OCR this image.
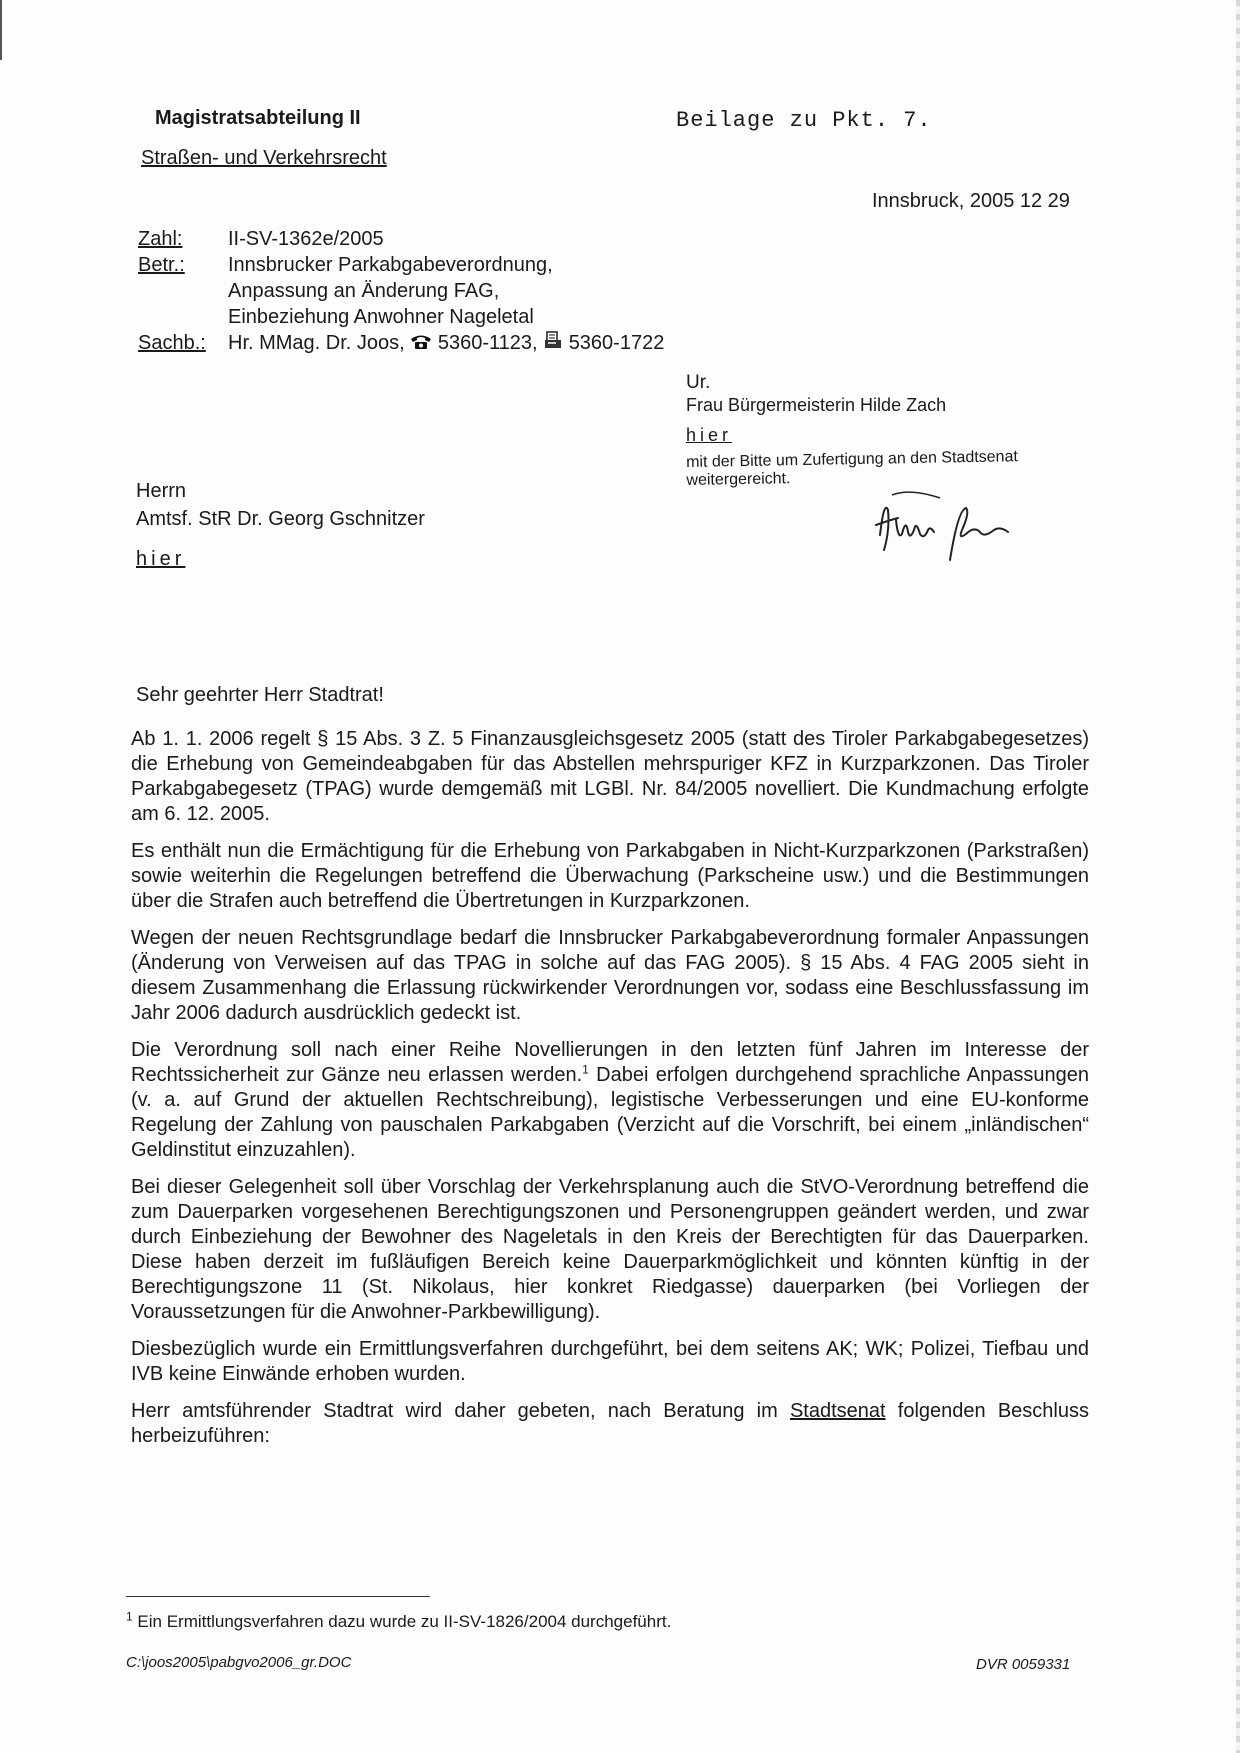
Magistratsabteilung II	Beilage zu Pkt. 7.
Straßen- und Verkehrsrecht
Innsbruck, 2005 12 29
Zahl:	II-SV-1362e/2005
Betr.:	Innsbrucker Parkabgabeverordnung,
Anpassung an Änderung FAG,
Einbeziehung Anwohner Nageletal
Sachb.:	Hr. MMag. Dr. Joos, 5360-1123, 5360-1722
Ur.
Frau Bürgermeisterin Hilde Zach
hier
mit der Bitte um Zufertigung an den Stadtsenat
weitergereicht.
Herrn
Amtsf. StR Dr. Georg Gschnitzer
hier
Sehr geehrter Herr Stadtrat!

Ab 1. 1. 2006 regelt § 15 Abs. 3 Z. 5 Finanzausgleichsgesetz 2005 (statt des Tiroler Parkabgabegesetzes) die Erhebung von Gemeindeabgaben für das Abstellen mehrspuriger KFZ in Kurzparkzonen. Das Tiroler Parkabgabegesetz (TPAG) wurde demgemäß mit LGBl. Nr. 84/2005 novelliert. Die Kundmachung erfolgte am 6. 12. 2005.

Es enthält nun die Ermächtigung für die Erhebung von Parkabgaben in Nicht-Kurzparkzonen (Parkstraßen) sowie weiterhin die Regelungen betreffend die Überwachung (Parkscheine usw.) und die Bestimmungen über die Strafen auch betreffend die Übertretungen in Kurzparkzonen.

Wegen der neuen Rechtsgrundlage bedarf die Innsbrucker Parkabgabeverordnung formaler Anpassungen (Änderung von Verweisen auf das TPAG in solche auf das FAG 2005). § 15 Abs. 4 FAG 2005 sieht in diesem Zusammenhang die Erlassung rückwirkender Verordnungen vor, sodass eine Beschlussfassung im Jahr 2006 dadurch ausdrücklich gedeckt ist.

Die Verordnung soll nach einer Reihe Novellierungen in den letzten fünf Jahren im Interesse der Rechtssicherheit zur Gänze neu erlassen werden.$^1$ Dabei erfolgen durchgehend sprachliche Anpassungen (v. a. auf Grund der aktuellen Rechtschreibung), legistische Verbesserungen und eine EU-konforme Regelung der Zahlung von pauschalen Parkabgaben (Verzicht auf die Vorschrift, bei einem „inländischen“ Geldinstitut einzuzahlen).

Bei dieser Gelegenheit soll über Vorschlag der Verkehrsplanung auch die StVO-Verordnung betreffend die zum Dauerparken vorgesehenen Berechtigungszonen und Personengruppen geändert werden, und zwar durch Einbeziehung der Bewohner des Nageletals in den Kreis der Berechtigten für das Dauerparken. Diese haben derzeit im fußläufigen Bereich keine Dauerparkmöglichkeit und könnten künftig in der Berechtigungszone 11 (St. Nikolaus, hier konkret Riedgasse) dauerparken (bei Vorliegen der Voraussetzungen für die Anwohner-Parkbewilligung).

Diesbezüglich wurde ein Ermittlungsverfahren durchgeführt, bei dem seitens AK; WK; Polizei, Tiefbau und IVB keine Einwände erhoben wurden.

Herr amtsführender Stadtrat wird daher gebeten, nach Beratung im Stadtsenat folgenden Beschluss herbeizuführen:

$^1$ Ein Ermittlungsverfahren dazu wurde zu II-SV-1826/2004 durchgeführt.
C:\joos2005\pabgvo2006_gr.DOC	DVR 0059331
